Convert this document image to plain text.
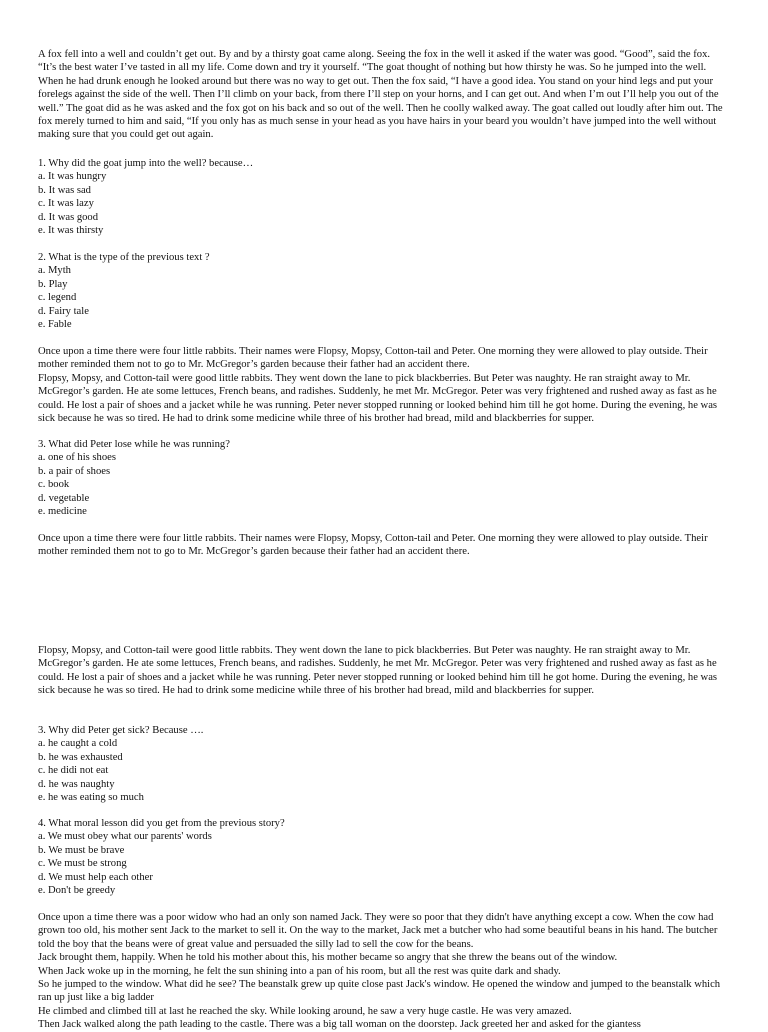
A fox fell into a well and couldn’t get out. By and by a thirsty goat came along. Seeing the fox in the well it asked if the water was good. “Good”, said the fox. “It’s the best water I’ve tasted in all my life. Come down and try it yourself. “The goat thought of nothing but how thirsty he was. So he jumped into the well. When he had drunk enough he looked around but there was no way to get out. Then the fox said, “I have a good idea. You stand on your hind legs and put your forelegs against the side of the well. Then I’ll climb on your back, from there I’ll step on your horns, and I can get out. And when I’m out I’ll help you out of the well.” The goat did as he was asked and the fox got on his back and so out of the well. Then he coolly walked away. The goat called out loudly after him out. The fox merely turned to him and said, “If you only has as much sense in your head as you have hairs in your beard you wouldn’t have jumped into the well without making sure that you could get out again.

1. Why did the goat jump into the well? because…

a. It was hungry

b. It was sad

c. It was lazy

d. It was good

e. It was thirsty

2. What is the type of the previous text ?

a. Myth

b. Play

c. legend

d. Fairy tale

e. Fable

Once upon a time there were four little rabbits. Their names were Flopsy, Mopsy, Cotton-tail and Peter. One morning they were allowed to play outside. Their mother reminded them not to go to Mr. McGregor’s garden because their father had an accident there.

Flopsy, Mopsy, and Cotton-tail were good little rabbits. They went down the lane to pick blackberries. But Peter was naughty. He ran straight away to Mr. McGregor’s garden. He ate some lettuces, French beans, and radishes. Suddenly, he met Mr. McGregor. Peter was very frightened and rushed away as fast as he could. He lost a pair of shoes and a jacket while he was running. Peter never stopped running or looked behind him till he got home. During the evening, he was sick because he was so tired. He had to drink some medicine while three of his brother had bread, mild and blackberries for supper.

3. What did Peter lose while he was running?

a. one of his shoes

b. a pair of shoes

c. book

d. vegetable

e. medicine

Once upon a time there were four little rabbits. Their names were Flopsy, Mopsy, Cotton-tail and Peter. One morning they were allowed to play outside. Their mother reminded them not to go to Mr. McGregor’s garden because their father had an accident there.

Flopsy, Mopsy, and Cotton-tail were good little rabbits. They went down the lane to pick blackberries. But Peter was naughty. He ran straight away to Mr. McGregor’s garden. He ate some lettuces, French beans, and radishes. Suddenly, he met Mr. McGregor. Peter was very frightened and rushed away as fast as he could. He lost a pair of shoes and a jacket while he was running. Peter never stopped running or looked behind him till he got home. During the evening, he was sick because he was so tired. He had to drink some medicine while three of his brother had bread, mild and blackberries for supper.

3. Why did Peter get sick? Because ….

a. he caught a cold

b. he was exhausted

c. he didi not eat

d. he was naughty

e. he was eating so much

4. What moral lesson did you get from the previous story?

a. We must obey what our parents' words

b. We must be brave

c. We must be strong

d. We must help each other

e. Don't be greedy

Once upon a time there was a poor widow who had an only son named Jack. They were so poor that they didn't have anything except a cow. When the cow had grown too old, his mother sent Jack to the market to sell it. On the way to the market, Jack met a butcher who had some beautiful beans in his hand. The butcher told the boy that the beans were of great value and persuaded the silly lad to sell the cow for the beans.

Jack brought them, happily. When he told his mother about this, his mother became so angry that she threw the beans out of the window.

When Jack woke up in the morning, he felt the sun shining into a pan of his room, but all the rest was quite dark and shady.

So he jumped to the window. What did he see? The beanstalk grew up quite close past Jack's window. He opened the window and jumped to the beanstalk which ran up just like a big ladder

He climbed and climbed till at last he reached the sky. While looking around, he saw a very huge castle. He was very amazed.

Then Jack walked along the path leading to the castle. There was a big tall woman on the doorstep. Jack greeted her and asked for the giantess
